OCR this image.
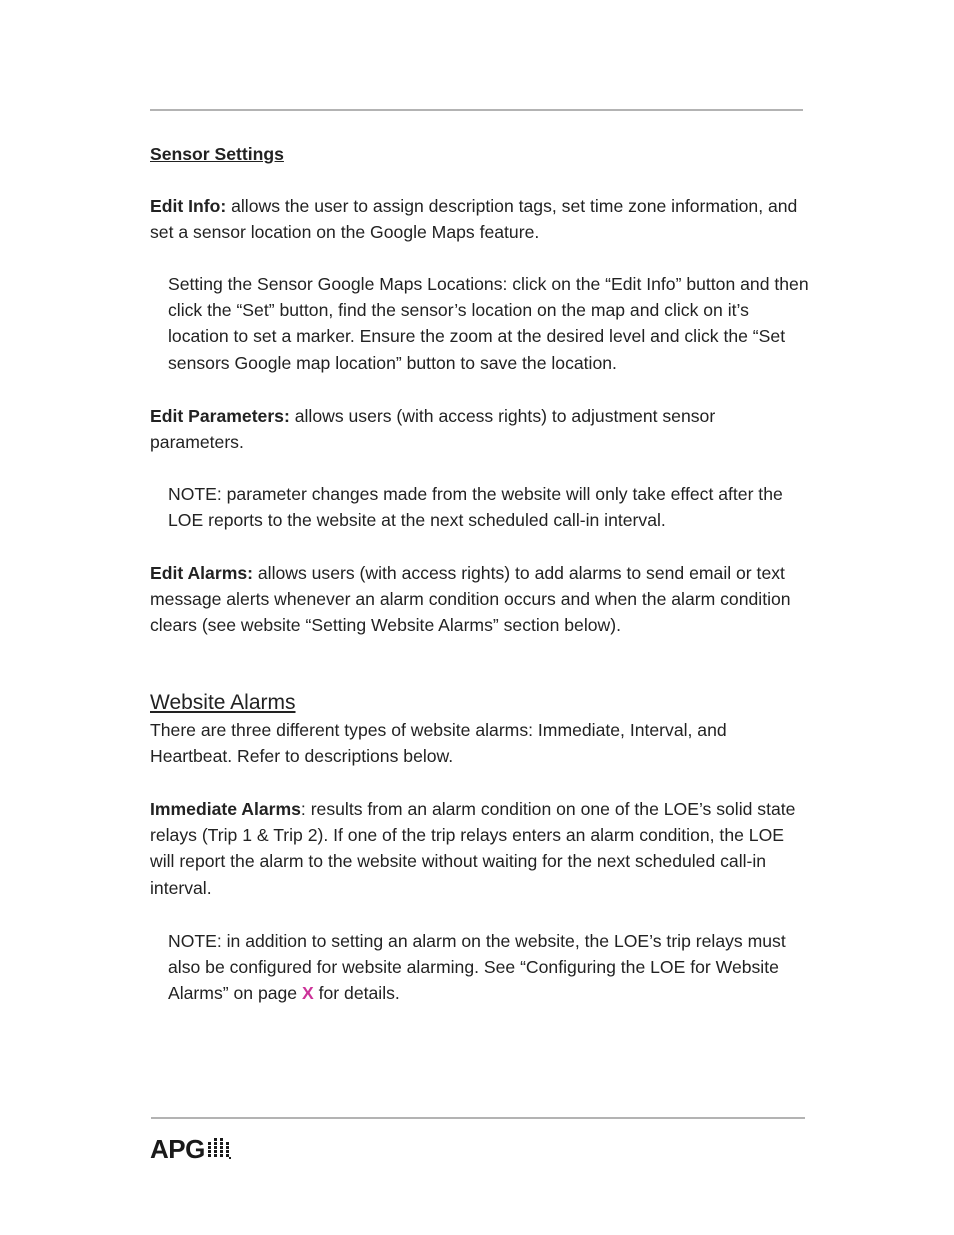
Sensor Settings

Edit Info: allows the user to assign description tags, set time zone information, and set a sensor location on the Google Maps feature.

Setting the Sensor Google Maps Locations: click on the “Edit Info” button and then click the “Set” button, find the sensor’s location on the map and click on it’s location to set a marker. Ensure the zoom at the desired level and click the “Set sensors Google map location” button to save the location.

Edit Parameters: allows users (with access rights) to adjustment sensor parameters.

NOTE: parameter changes made from the website will only take effect after the LOE reports to the website at the next scheduled call-in interval.

Edit Alarms: allows users (with access rights) to add alarms to send email or text message alerts whenever an alarm condition occurs and when the alarm condition clears (see website “Setting Website Alarms” section below).

Website Alarms

There are three different types of website alarms: Immediate, Interval, and Heartbeat. Refer to descriptions below.

Immediate Alarms: results from an alarm condition on one of the LOE’s solid state relays (Trip 1 & Trip 2). If one of the trip relays enters an alarm condition, the LOE will report the alarm to the website without waiting for the next scheduled call-in interval.

NOTE: in addition to setting an alarm on the website, the LOE’s trip relays must also be configured for website alarming. See “Configuring the LOE for Website Alarms” on page X for details.

APG
